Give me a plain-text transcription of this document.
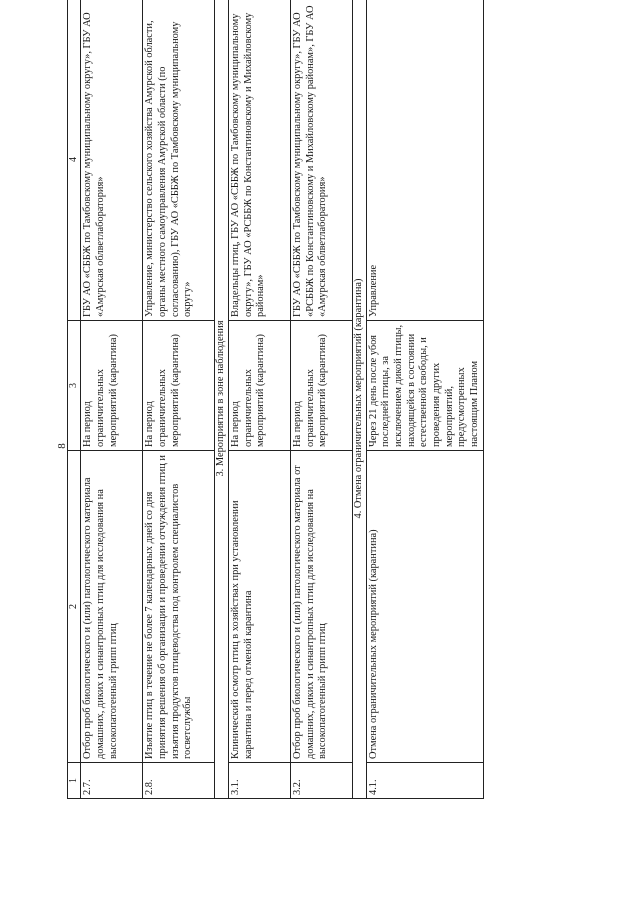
8
1	2	3	4
2.7.	Отбор проб биологического и (или) патологического материала домашних, диких и синантропных птиц для исследования на высокопатогенный грипп птиц	На период ограничительных мероприятий (карантина)	ГБУ АО «СББЖ по Тамбовскому муниципальному округу», ГБУ АО «Амурская облветлаборатория»
2.8.	Изъятие птиц в течение не более 7 календарных дней со дня принятия решения об организации и проведении отчуждения птиц и изъятия продуктов птицеводства под контролем специалистов госветслужбы	На период ограничительных мероприятий (карантина)	Управление, министерство сельского хозяйства Амурской области, органы местного самоуправления Амурской области (по согласованию), ГБУ АО «СББЖ по Тамбовскому муниципальному округу»
3. Мероприятия в зоне наблюдения			
3.1.	Клинический осмотр птиц в хозяйствах при установлении карантина и перед отменой карантина	На период ограничительных мероприятий (карантина)	Владельцы птиц, ГБУ АО «СББЖ по Тамбовскому муниципальному округу», ГБУ АО «РСББЖ по Константиновскому и Михайловскому районам»
3.2.	Отбор проб биологического и (или) патологического материала от домашних, диких и синантропных птиц для исследования на высокопатогенный грипп птиц	На период ограничительных мероприятий (карантина)	ГБУ АО «СББЖ по Тамбовскому муниципальному округу», ГБУ АО «РСББЖ по Константиновскому и Михайловскому районам», ГБУ АО «Амурская облветлаборатория»
4. Отмена ограничительных мероприятий (карантина)			
4.1.	Отмена ограничительных мероприятий (карантина)	Через 21 день после убоя последней птицы, за исключением дикой птицы, находящейся в состоянии естественной свободы, и проведения других мероприятий, предусмотренных настоящим Планом	Управление
